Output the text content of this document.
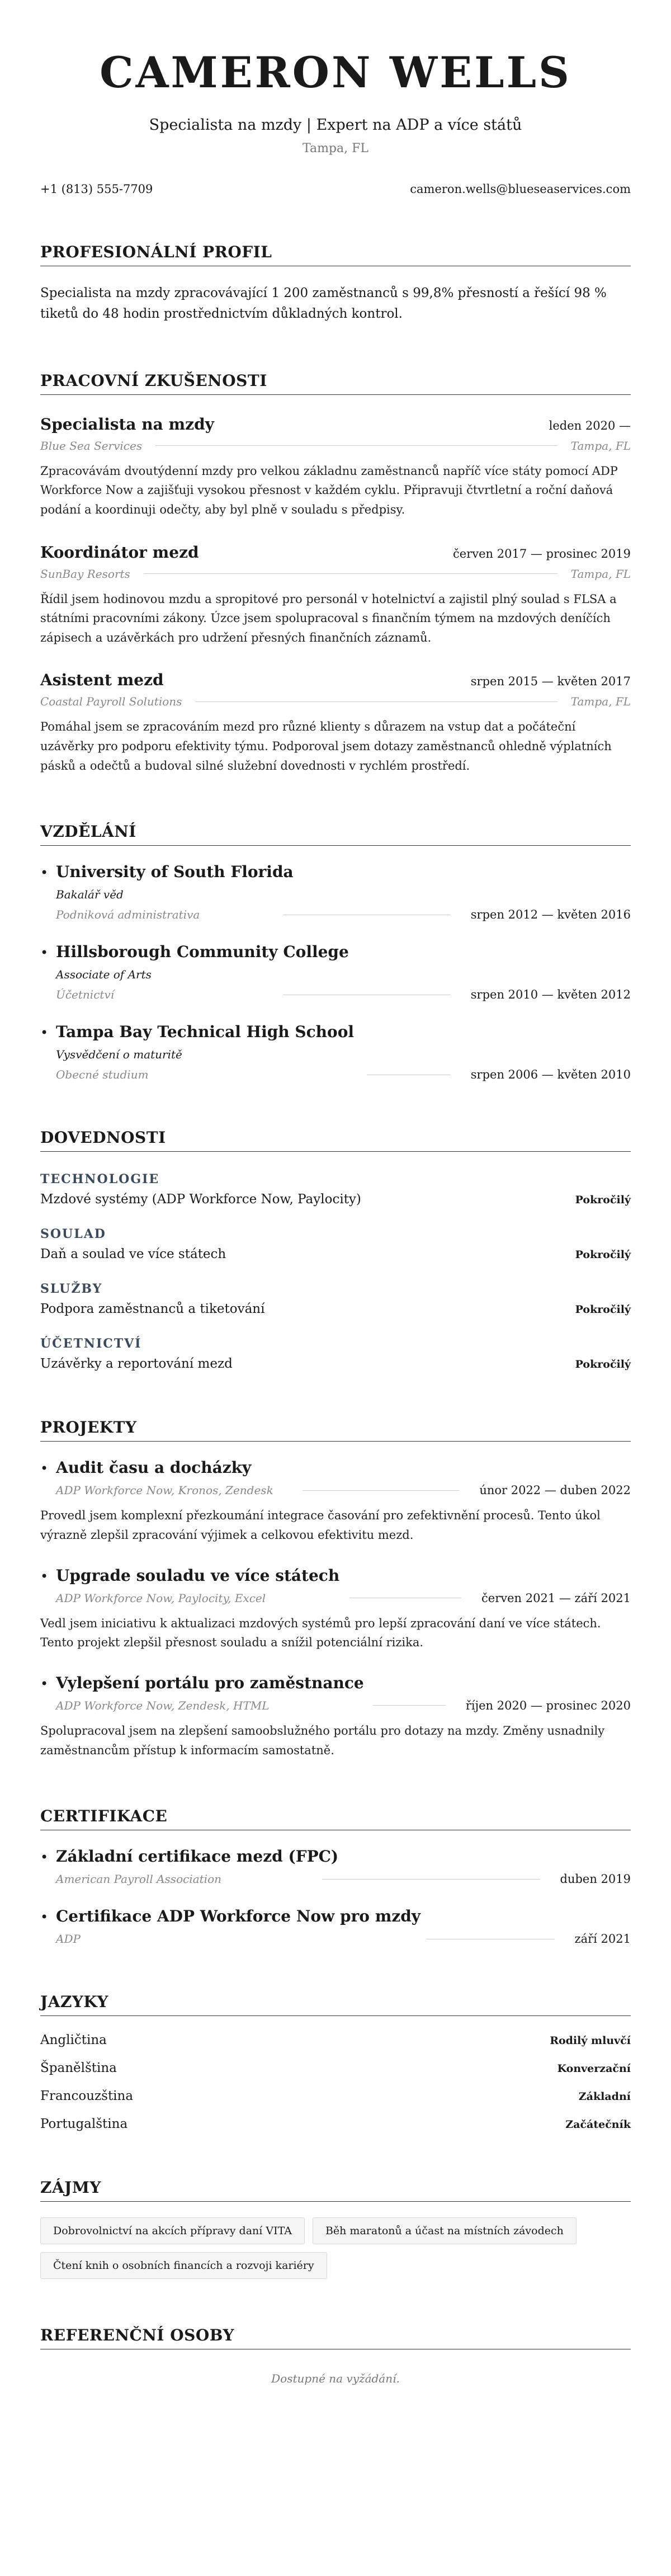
CAMERON WELLS
Specialista na mzdy | Expert na ADP a více států
Tampa, FL
+1 (813) 555-7709	cameron.wells@blueseaservices.com
PROFESIONÁLNÍ PROFIL

Specialista na mzdy zpracovávající 1 200 zaměstnanců s 99,8% přesností a řešící 98 % tiketů do 48 hodin prostřednictvím důkladných kontrol.

PRACOVNÍ ZKUŠENOSTI
Specialista na mzdy	leden 2020 —
Blue Sea Services	Tampa, FL

Zpracovávám dvoutýdenní mzdy pro velkou základnu zaměstnanců napříč více státy pomocí ADP Workforce Now a zajišťuji vysokou přesnost v každém cyklu. Připravuji čtvrtletní a roční daňová podání a koordinuji odečty, aby byl plně v souladu s předpisy.

Koordinátor mezd	červen 2017 — prosinec 2019
SunBay Resorts	Tampa, FL

Řídil jsem hodinovou mzdu a spropitové pro personál v hotelnictví a zajistil plný soulad s FLSA a státními pracovními zákony. Úzce jsem spolupracoval s finančním týmem na mzdových deníčích zápisech a uzávěrkách pro udržení přesných finančních záznamů.

Asistent mezd	srpen 2015 — květen 2017
Coastal Payroll Solutions	Tampa, FL

Pomáhal jsem se zpracováním mezd pro různé klienty s důrazem na vstup dat a počáteční uzávěrky pro podporu efektivity týmu. Podporoval jsem dotazy zaměstnanců ohledně výplatních pásků a odečtů a budoval silné služební dovednosti v rychlém prostředí.

VZDĚLÁNÍ
• University of South Florida
Bakalář věd
Podniková administrativa	srpen 2012 — květen 2016
• Hillsborough Community College
Associate of Arts
Účetnictví	srpen 2010 — květen 2012
• Tampa Bay Technical High School
Vysvědčení o maturitě
Obecné studium	srpen 2006 — květen 2010
DOVEDNOSTI
TECHNOLOGIE
Mzdové systémy (ADP Workforce Now, Paylocity)	Pokročilý
SOULAD
Daň a soulad ve více státech	Pokročilý
SLUŽBY
Podpora zaměstnanců a tiketování	Pokročilý
ÚČETNICTVÍ
Uzávěrky a reportování mezd	Pokročilý
PROJEKTY
• Audit času a docházky
ADP Workforce Now, Kronos, Zendesk	únor 2022 — duben 2022

Provedl jsem komplexní přezkoumání integrace časování pro zefektivnění procesů. Tento úkol výrazně zlepšil zpracování výjimek a celkovou efektivitu mezd.

• Upgrade souladu ve více státech
ADP Workforce Now, Paylocity, Excel	červen 2021 — září 2021

Vedl jsem iniciativu k aktualizaci mzdových systémů pro lepší zpracování daní ve více státech. Tento projekt zlepšil přesnost souladu a snížil potenciální rizika.

• Vylepšení portálu pro zaměstnance
ADP Workforce Now, Zendesk, HTML	říjen 2020 — prosinec 2020

Spolupracoval jsem na zlepšení samoobslužného portálu pro dotazy na mzdy. Změny usnadnily zaměstnancům přístup k informacím samostatně.

CERTIFIKACE
• Základní certifikace mezd (FPC)
American Payroll Association	duben 2019
• Certifikace ADP Workforce Now pro mzdy
ADP	září 2021
JAZYKY
Angličtina	Rodilý mluvčí
Španělština	Konverzační
Francouzština	Základní
Portugalština	Začátečník
ZÁJMY
Dobrovolnictví na akcích přípravy daní VITA	Běh maratonů a účast na místních závodech
Čtení knih o osobních financích a rozvoji kariéry
REFERENČNÍ OSOBY

Dostupné na vyžádání.
